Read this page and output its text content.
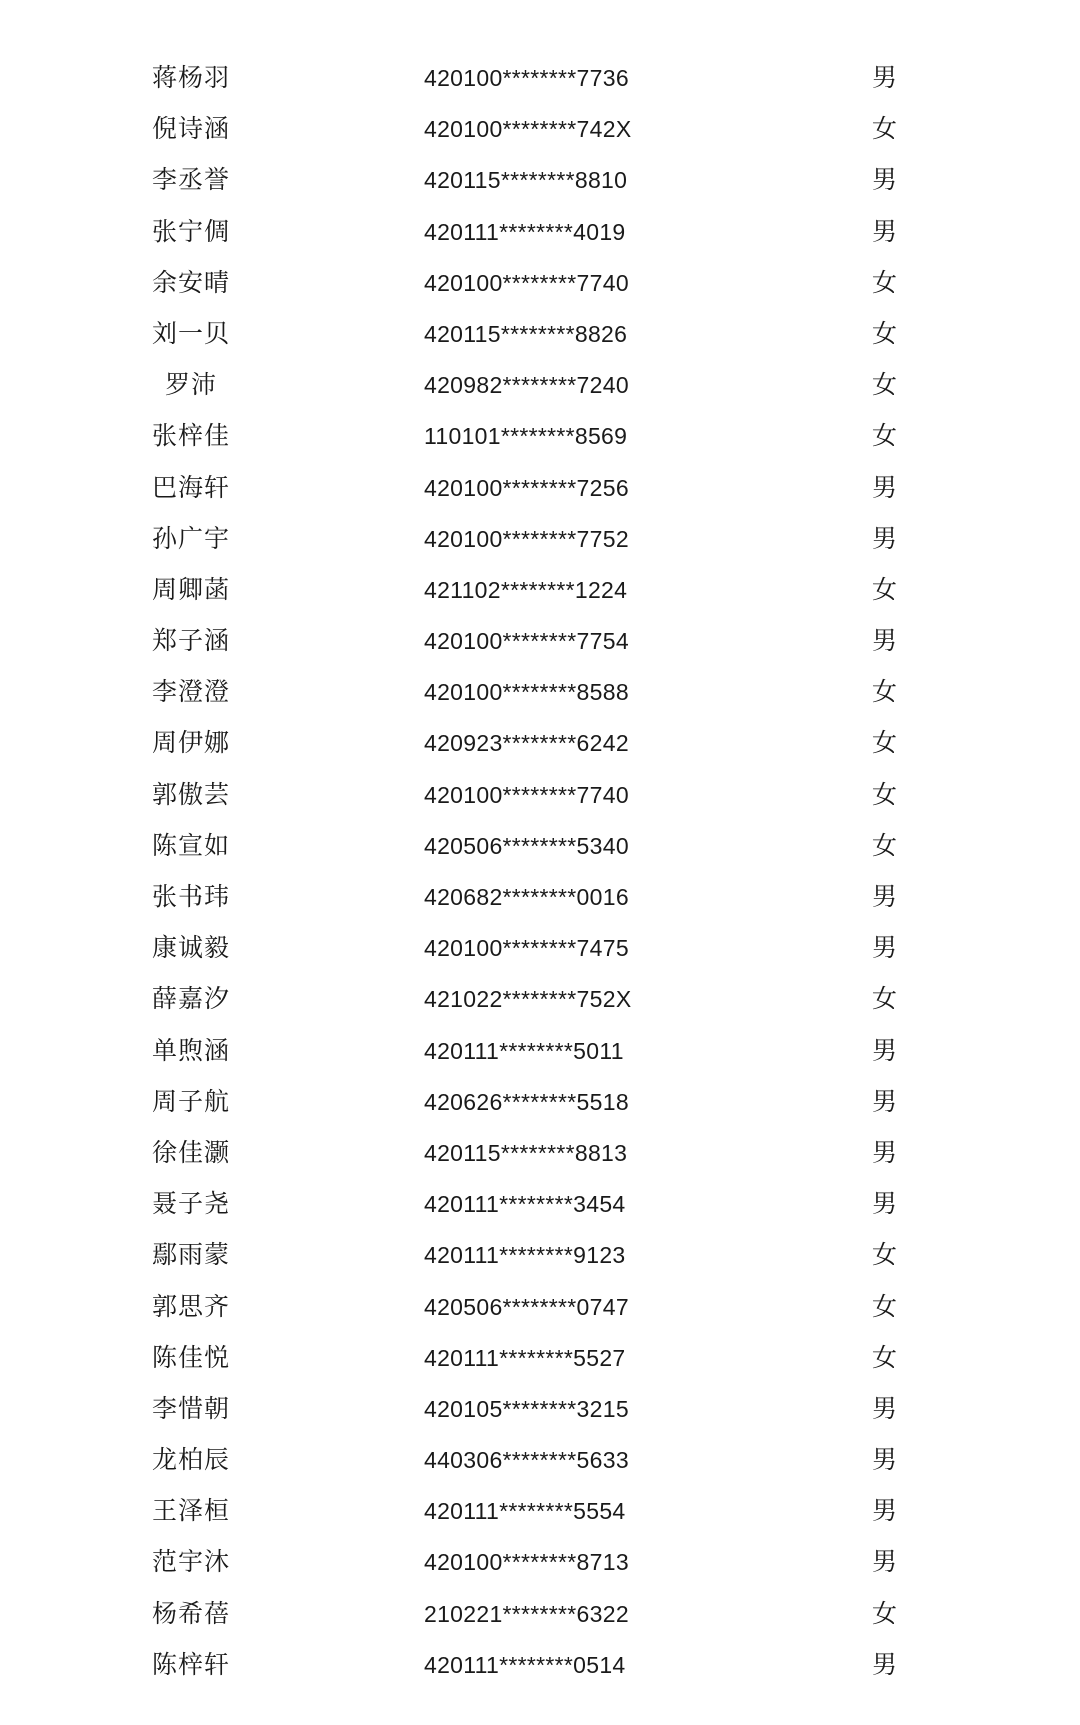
蒋杨羽	420100********7736	男
倪诗涵	420100********742X	女
李丞誉	420115********8810	男
张宁倜	420111********4019	男
余安晴	420100********7740	女
刘一贝	420115********8826	女
罗沛	420982********7240	女
张梓佳	110101********8569	女
巴海轩	420100********7256	男
孙广宇	420100********7752	男
周卿菡	421102********1224	女
郑子涵	420100********7754	男
李澄澄	420100********8588	女
周伊娜	420923********6242	女
郭傲芸	420100********7740	女
陈宣如	420506********5340	女
张书玮	420682********0016	男
康诚毅	420100********7475	男
薛嘉汐	421022********752X	女
单煦涵	420111********5011	男
周子航	420626********5518	男
徐佳灏	420115********8813	男
聂子尧	420111********3454	男
鄢雨蒙	420111********9123	女
郭思齐	420506********0747	女
陈佳悦	420111********5527	女
李惜朝	420105********3215	男
龙柏辰	440306********5633	男
王泽桓	420111********5554	男
范宇沐	420100********8713	男
杨希蓓	210221********6322	女
陈梓轩	420111********0514	男
